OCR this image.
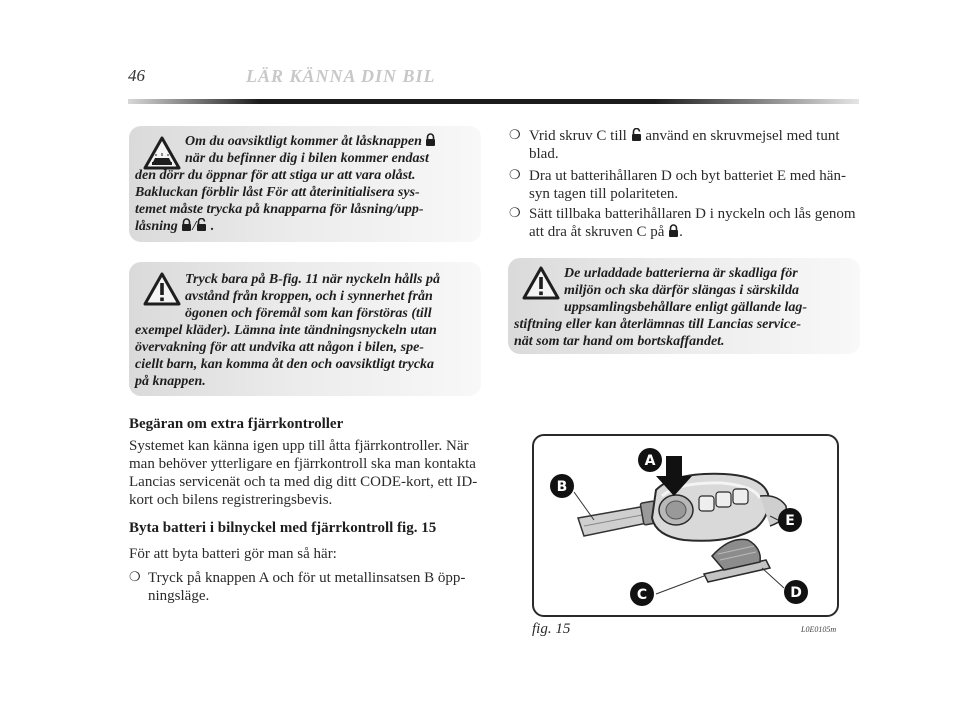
46	LÄR KÄNNA DIN BIL
Om du oavsiktligt kommer åt låsknappen
när du befinner dig i bilen kommer endast
den dörr du öppnar för att stiga ur att vara olåst.
Bakluckan förblir låst För att återinitialisera sys-
temet måste trycka på knapparna för låsning/upp-
låsning / .
Tryck bara på B-fig. 11 när nyckeln hålls på
avstånd från kroppen, och i synnerhet från
ögonen och föremål som kan förstöras (till
exempel kläder). Lämna inte tändningsnyckeln utan
övervakning för att undvika att någon i bilen, spe-
ciellt barn, kan komma åt den och oavsiktligt trycka
på knappen.
Begäran om extra fjärrkontroller
Systemet kan känna igen upp till åtta fjärrkontroller. När
man behöver ytterligare en fjärrkontroll ska man kontakta
Lancias servicenät och ta med dig ditt CODE-kort, ett ID-
kort och bilens registreringsbevis.
Byta batteri i bilnyckel med fjärrkontroll fig. 15
För att byta batteri gör man så här:
❍ Tryck på knappen A och för ut metallinsatsen B öpp-
ningsläge.
❍ Vrid skruv C till använd en skruvmejsel med tunt
blad.
❍ Dra ut batterihållaren D och byt batteriet E med hän-
syn tagen till polariteten.
❍ Sätt tillbaka batterihållaren D i nyckeln och lås genom
att dra åt skruven C på .
De urladdade batterierna är skadliga för
miljön och ska därför slängas i särskilda
uppsamlingsbehållare enligt gällande lag-
stiftning eller kan återlämnas till Lancias service-
nät som tar hand om bortskaffandet.
A
B
C	D
E
fig. 15	L0E0105m
